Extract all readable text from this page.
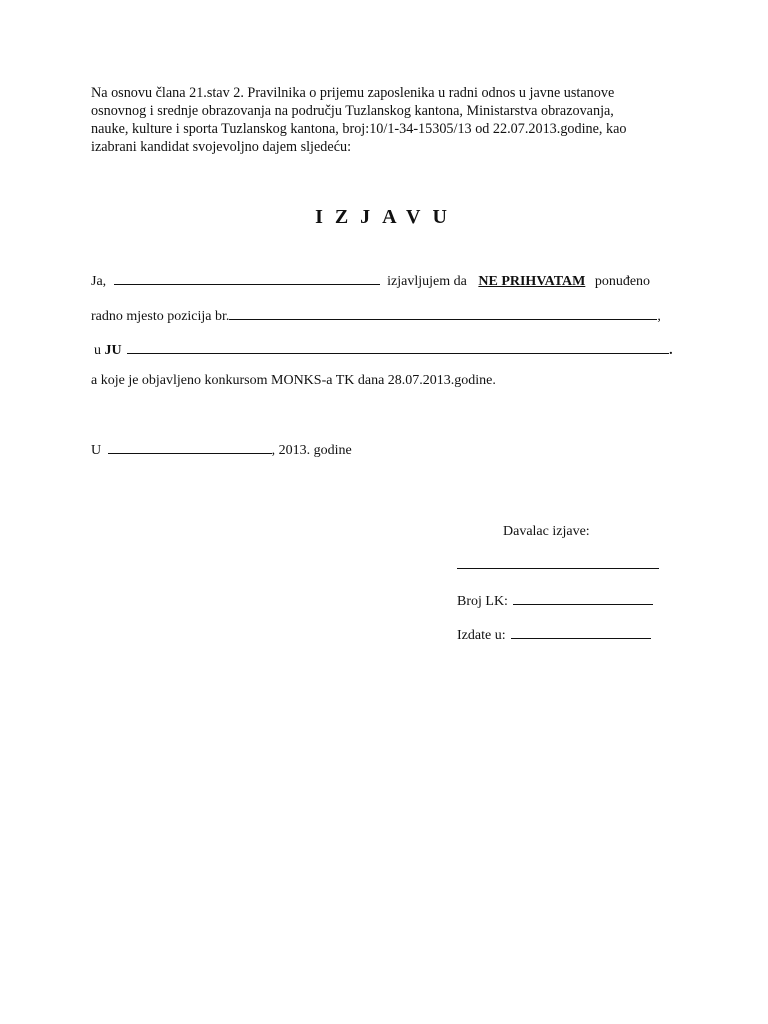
Na osnovu člana 21.stav 2. Pravilnika o prijemu zaposlenika u radni odnos u javne ustanove
osnovnog i srednje obrazovanja na području Tuzlanskog kantona, Ministarstva obrazovanja,
nauke, kulture i sporta Tuzlanskog kantona, broj:10/1-34-15305/13 od 22.07.2013.godine, kao
izabrani kandidat svojevoljno dajem sljedeću:
IZJAVU
Ja,	izjavljujem da NE PRIHVATAM ponuđeno
radno mjesto pozicija br.	,
u JU	.
a koje je objavljeno konkursom MONKS-a TK dana 28.07.2013.godine.
U	, 2013. godine
Davalac izjave:
Broj LK:
Izdate u:
